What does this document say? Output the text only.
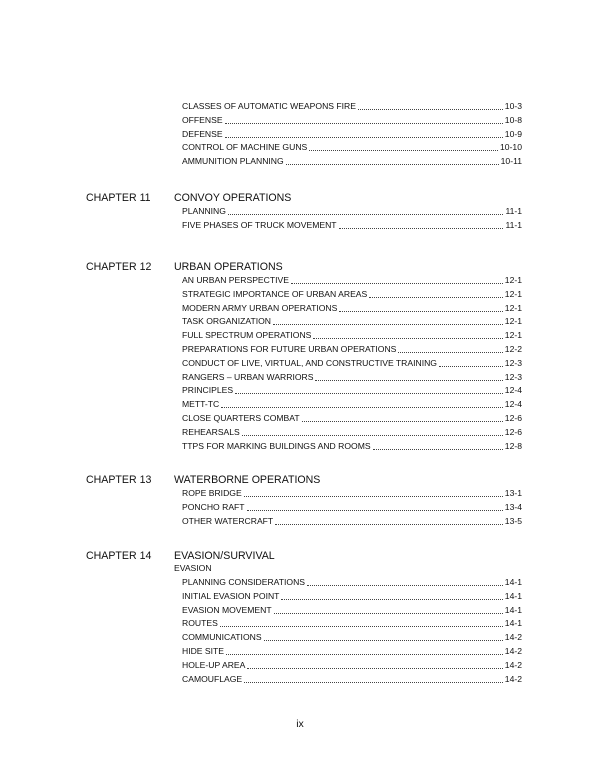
CLASSES OF AUTOMATIC WEAPONS FIRE	10-3
OFFENSE	10-8
DEFENSE	10-9
CONTROL OF MACHINE GUNS	10-10
AMMUNITION PLANNING	10-11
CHAPTER 11 CONVOY OPERATIONS
PLANNING	11-1
FIVE PHASES OF TRUCK MOVEMENT	11-1
CHAPTER 12 URBAN OPERATIONS
AN URBAN PERSPECTIVE	12-1
STRATEGIC IMPORTANCE OF URBAN AREAS	12-1
MODERN ARMY URBAN OPERATIONS	12-1
TASK ORGANIZATION	12-1
FULL SPECTRUM OPERATIONS	12-1
PREPARATIONS FOR FUTURE URBAN OPERATIONS	12-2
CONDUCT OF LIVE, VIRTUAL, AND CONSTRUCTIVE TRAINING	12-3
RANGERS – URBAN WARRIORS	12-3
PRINCIPLES	12-4
METT-TC	12-4
CLOSE QUARTERS COMBAT	12-6
REHEARSALS	12-6
TTPS FOR MARKING BUILDINGS AND ROOMS	12-8
CHAPTER 13 WATERBORNE OPERATIONS
ROPE BRIDGE	13-1
PONCHO RAFT	13-4
OTHER WATERCRAFT	13-5
CHAPTER 14 EVASION/SURVIVAL
EVASION
PLANNING CONSIDERATIONS	14-1
INITIAL EVASION POINT	14-1
EVASION MOVEMENT	14-1
ROUTES	14-1
COMMUNICATIONS	14-2
HIDE SITE	14-2
HOLE-UP AREA	14-2
CAMOUFLAGE	14-2
ix
